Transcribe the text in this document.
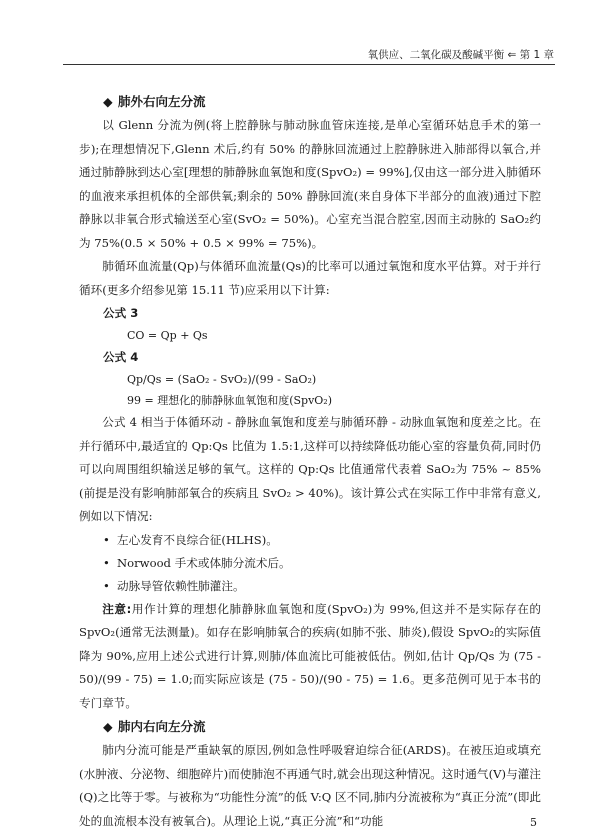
氧供应、二氧化碳及酸碱平衡 ⇐ 第 1 章
◆ 肺外右向左分流

以 Glenn 分流为例(将上腔静脉与肺动脉血管床连接,是单心室循环姑息手术的第一步);在理想情况下,Glenn 术后,约有 50% 的静脉回流通过上腔静脉进入肺部得以氧合,并通过肺静脉到达心室[理想的肺静脉血氧饱和度(SpvO₂) = 99%],仅由这一部分进入肺循环的血液来承担机体的全部供氧;剩余的 50% 静脉回流(来自身体下半部分的血液)通过下腔静脉以非氧合形式输送至心室(SvO₂ = 50%)。心室充当混合腔室,因而主动脉的 SaO₂约为 75%(0.5 × 50% + 0.5 × 99% = 75%)。

肺循环血流量(Qp)与体循环血流量(Qs)的比率可以通过氧饱和度水平估算。对于并行循环(更多介绍参见第 15.11 节)应采用以下计算:

公式 3
CO = Qp + Qs
公式 4
Qp/Qs = (SaO₂ - SvO₂)/(99 - SaO₂)
99 = 理想化的肺静脉血氧饱和度(SpvO₂)

公式 4 相当于体循环动 - 静脉血氧饱和度差与肺循环静 - 动脉血氧饱和度差之比。在并行循环中,最适宜的 Qp:Qs 比值为 1.5:1,这样可以持续降低功能心室的容量负荷,同时仍可以向周围组织输送足够的氧气。这样的 Qp:Qs 比值通常代表着 SaO₂为 75% ~ 85%(前提是没有影响肺部氧合的疾病且 SvO₂ > 40%)。该计算公式在实际工作中非常有意义,例如以下情况:

• 左心发育不良综合征(HLHS)。
• Norwood 手术或体肺分流术后。
• 动脉导管依赖性肺灌注。

注意:用作计算的理想化肺静脉血氧饱和度(SpvO₂)为 99%,但这并不是实际存在的 SpvO₂(通常无法测量)。如存在影响肺氧合的疾病(如肺不张、肺炎),假设 SpvO₂的实际值降为 90%,应用上述公式进行计算,则肺/体血流比可能被低估。例如,估计 Qp/Qs 为 (75 - 50)/(99 - 75) = 1.0;而实际应该是 (75 - 50)/(90 - 75) = 1.6。更多范例可见于本书的专门章节。

◆ 肺内右向左分流

肺内分流可能是严重缺氧的原因,例如急性呼吸窘迫综合征(ARDS)。在被压迫或填充(水肿液、分泌物、细胞碎片)而使肺泡不再通气时,就会出现这种情况。这时通气(V)与灌注(Q)之比等于零。与被称为“功能性分流”的低 V:Q 区不同,肺内分流被称为“真正分流”(即此处的血流根本没有被氧合)。从理论上说,“真正分流”和“功能	5
